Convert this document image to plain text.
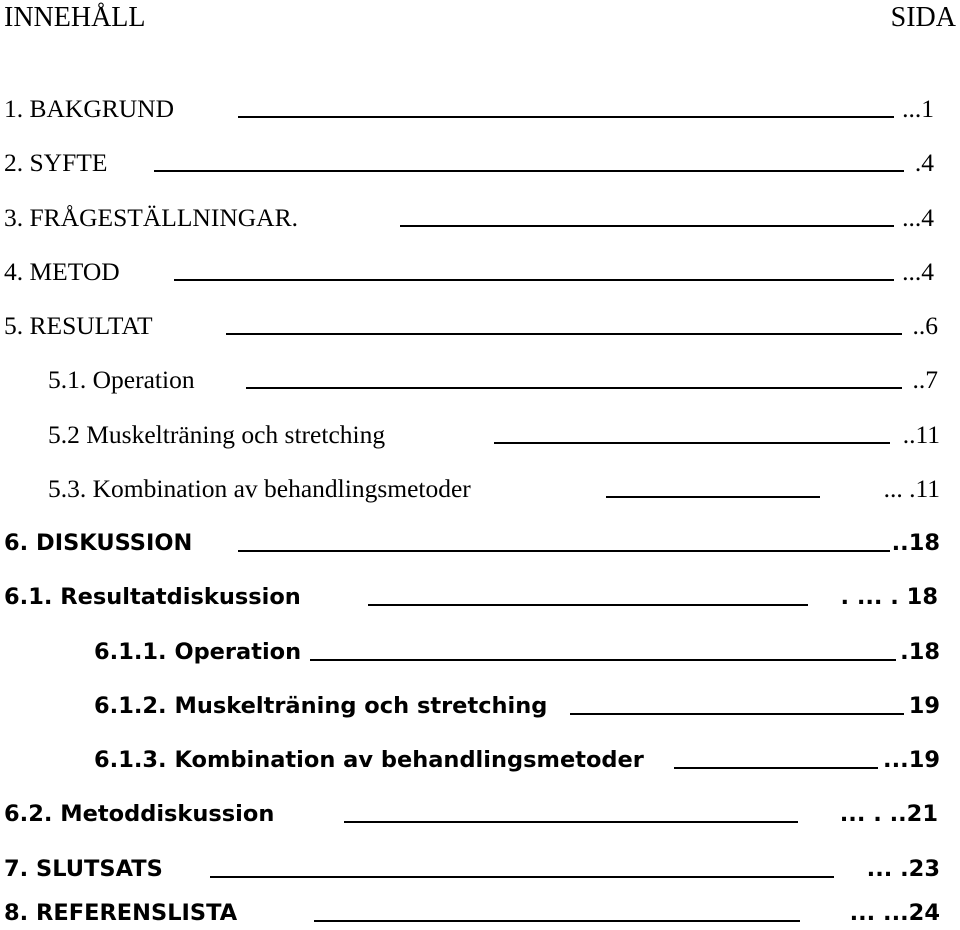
INNEHÅLL	SIDA
1. BAKGRUND	...1
2. SYFTE	.4
3. FRÅGESTÄLLNINGAR.	...4
4. METOD	...4
5. RESULTAT	..6
5.1. Operation	..7
5.2 Muskelträning och stretching	..11
5.3. Kombination av behandlingsmetoder	... .11
6. DISKUSSION	..18
6.1. Resultatdiskussion	. ... . 18
6.1.1. Operation	.18
6.1.2. Muskelträning och stretching	19
6.1.3. Kombination av behandlingsmetoder	...19
6.2. Metoddiskussion	... . ..21
7. SLUTSATS	... .23
8. REFERENSLISTA	... ...24
